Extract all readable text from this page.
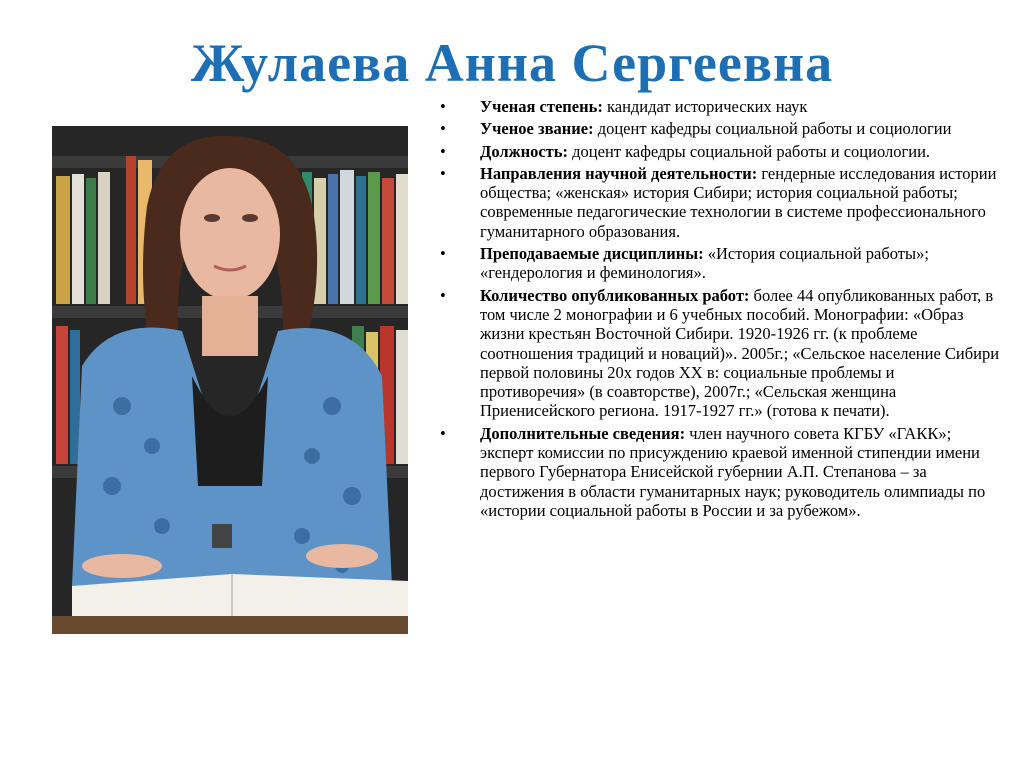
Жулаева Анна Сергеевна
• Ученая степень: кандидат исторических наук
• Ученое звание: доцент кафедры социальной работы и социологии
• Должность: доцент кафедры социальной работы и социологии.
• Направления научной деятельности: гендерные исследования истории общества; «женская» история Сибири; история социальной работы; современные педагогические технологии в системе профессионального гуманитарного образования.
• Преподаваемые дисциплины: «История социальной работы»; «гендерология и феминология».
• Количество опубликованных работ: более 44 опубликованных работ, в том числе 2 монографии и 6 учебных пособий. Монографии: «Образ жизни крестьян Восточной Сибири. 1920-1926 гг. (к проблеме соотношения традиций и новаций)». 2005г.; «Сельское население Сибири первой половины 20х годов XX в: социальные проблемы и противоречия» (в соавторстве), 2007г.; «Сельская женщина Приенисейского региона. 1917-1927 гг.» (готова к печати).
• Дополнительные сведения: член научного совета КГБУ «ГАКК»; эксперт комиссии по присуждению краевой именной стипендии имени первого Губернатора Енисейской губернии А.П. Степанова – за достижения в области гуманитарных наук; руководитель олимпиады по «истории социальной работы в России и за рубежом».
